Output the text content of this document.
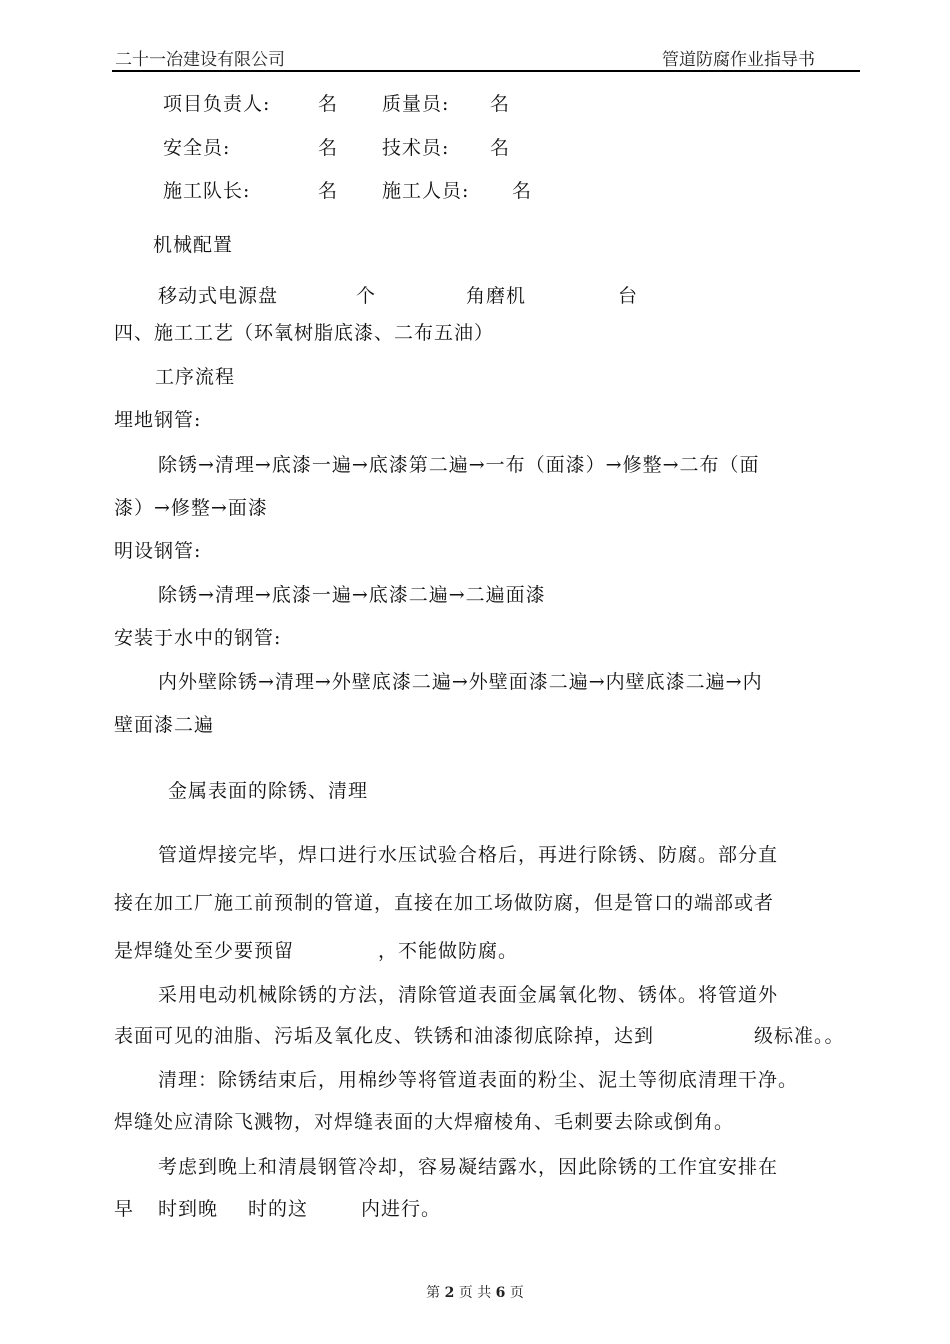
二十一冶建设有限公司	管道防腐作业指导书
项目负责人:	名 质量员: 名
安全员:	名 技术员: 名
施工队长:	名 施工人员: 名
机械配置
移动式电源盘	个	角磨机	台
四、施工工艺（环氧树脂底漆、二布五油）
工序流程
埋地钢管:
除锈→清理→底漆一遍→底漆第二遍→一布（面漆）→修整→二布（面
漆）→修整→面漆
明设钢管:
除锈→清理→底漆一遍→底漆二遍→二遍面漆
安装于水中的钢管:
内外壁除锈→清理→外壁底漆二遍→外壁面漆二遍→内壁底漆二遍→内
壁面漆二遍
金属表面的除锈、清理
管道焊接完毕，焊口进行水压试验合格后，再进行除锈、防腐。部分直
接在加工厂施工前预制的管道，直接在加工场做防腐，但是管口的端部或者
是焊缝处至少要预留	，不能做防腐。
采用电动机械除锈的方法，清除管道表面金属氧化物、锈体。将管道外
表面可见的油脂、污垢及氧化皮、铁锈和油漆彻底除掉，达到	级标准。。
清理：除锈结束后，用棉纱等将管道表面的粉尘、泥土等彻底清理干净。
焊缝处应清除飞溅物，对焊缝表面的大焊瘤棱角、毛刺要去除或倒角。
考虑到晚上和清晨钢管冷却，容易凝结露水，因此除锈的工作宜安排在
早 时到晚 时的这	内进行。
第 2 页 共 6 页
